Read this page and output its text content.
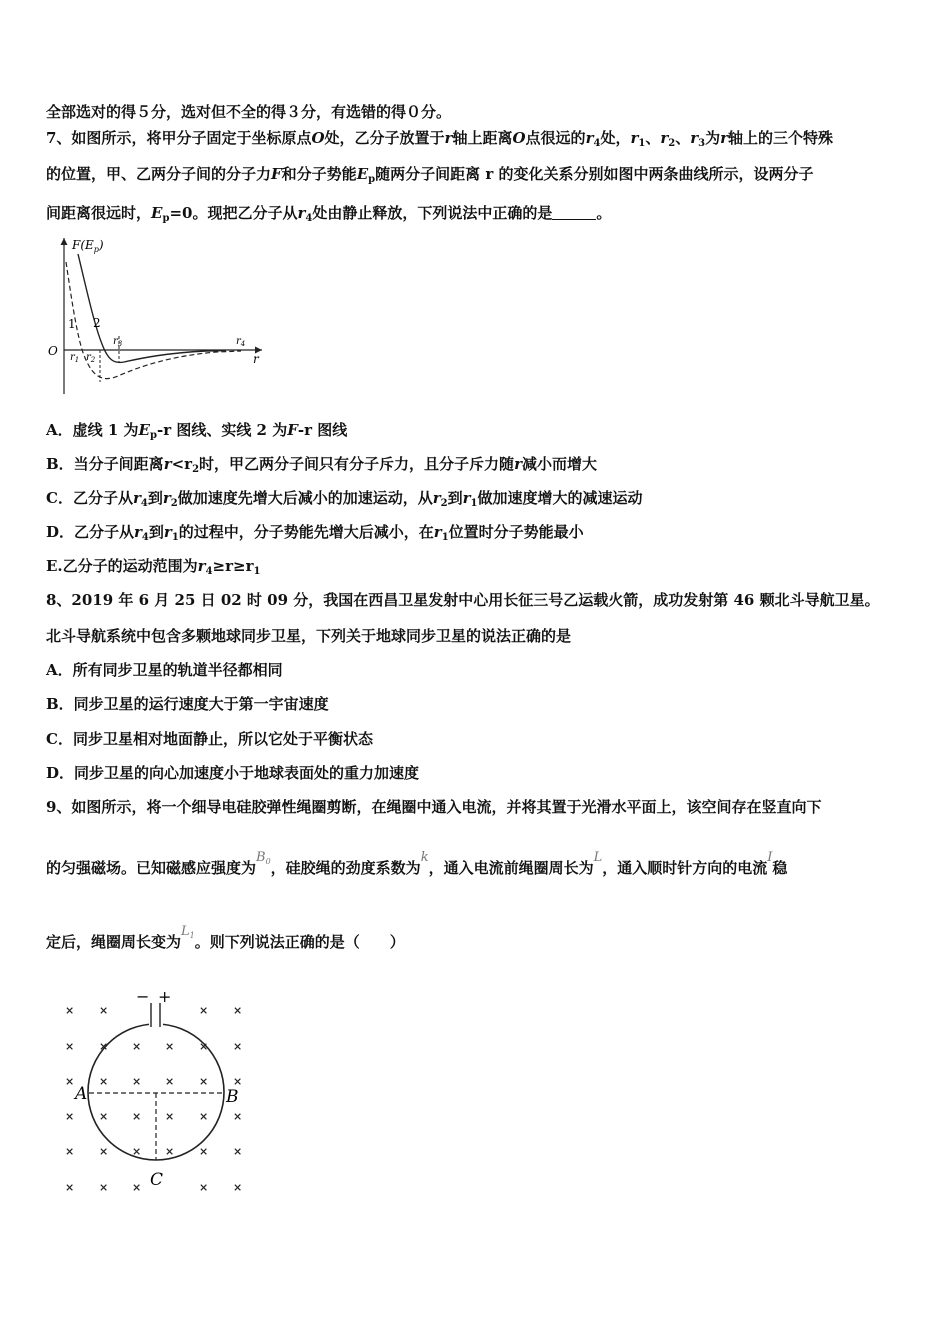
全部选对的得５分，选对但不全的得３分，有选错的得０分。
7、如图所示，将甲分子固定于坐标原点O处，乙分子放置于r轴上距离O点很远的$r_4$处，$r_1$、$r_2$、$r_3$为r轴上的三个特殊
的位置，甲、乙两分子间的分子力F和分子势能$E_p$随两分子间距离 r 的变化关系分别如图中两条曲线所示，设两分子
间距离很远时，$E_p=0$。现把乙分子从$r_4$处由静止释放，下列说法中正确的是	。
$F(E_p)$
O
r
1 2
$r_1$ $r_2$
$r_3$	$r_4$
A．虚线 1 为$E_p-r$ 图线、实线 2 为F-r 图线
B．当分子间距离$r<r_2$时，甲乙两分子间只有分子斥力，且分子斥力随r减小而增大
C．乙分子从$r_4$到$r_2$做加速度先增大后减小的加速运动，从$r_2$到$r_1$做加速度增大的减速运动
D．乙分子从$r_4$到$r_1$的过程中，分子势能先增大后减小，在$r_1$位置时分子势能最小
E.乙分子的运动范围为$r_4\ge r\ge r_1$
8、2019 年 6 月 25 日 02 时 09 分，我国在西昌卫星发射中心用长征三号乙运载火箭，成功发射第 46 颗北斗导航卫星。
北斗导航系统中包含多颗地球同步卫星，下列关于地球同步卫星的说法正确的是
A．所有同步卫星的轨道半径都相同
B．同步卫星的运行速度大于第一宇宙速度
C．同步卫星相对地面静止，所以它处于平衡状态
D．同步卫星的向心加速度小于地球表面处的重力加速度
9、如图所示，将一个细导电硅胶弹性绳圈剪断，在绳圈中通入电流，并将其置于光滑水平面上，该空间存在竖直向下
的匀强磁场。已知磁感应强度为$B_0$，硅胶绳的劲度系数为k，通入电流前绳圈周长为L，通入顺时针方向的电流I稳
定后，绳圈周长变为$L_1$。则下列说法正确的是（　　）
× ×	× ×
× × × × × ×
× × × × × ×
× × × × × ×
× × × × × ×
× × ×	× ×
− +
A	B
C
